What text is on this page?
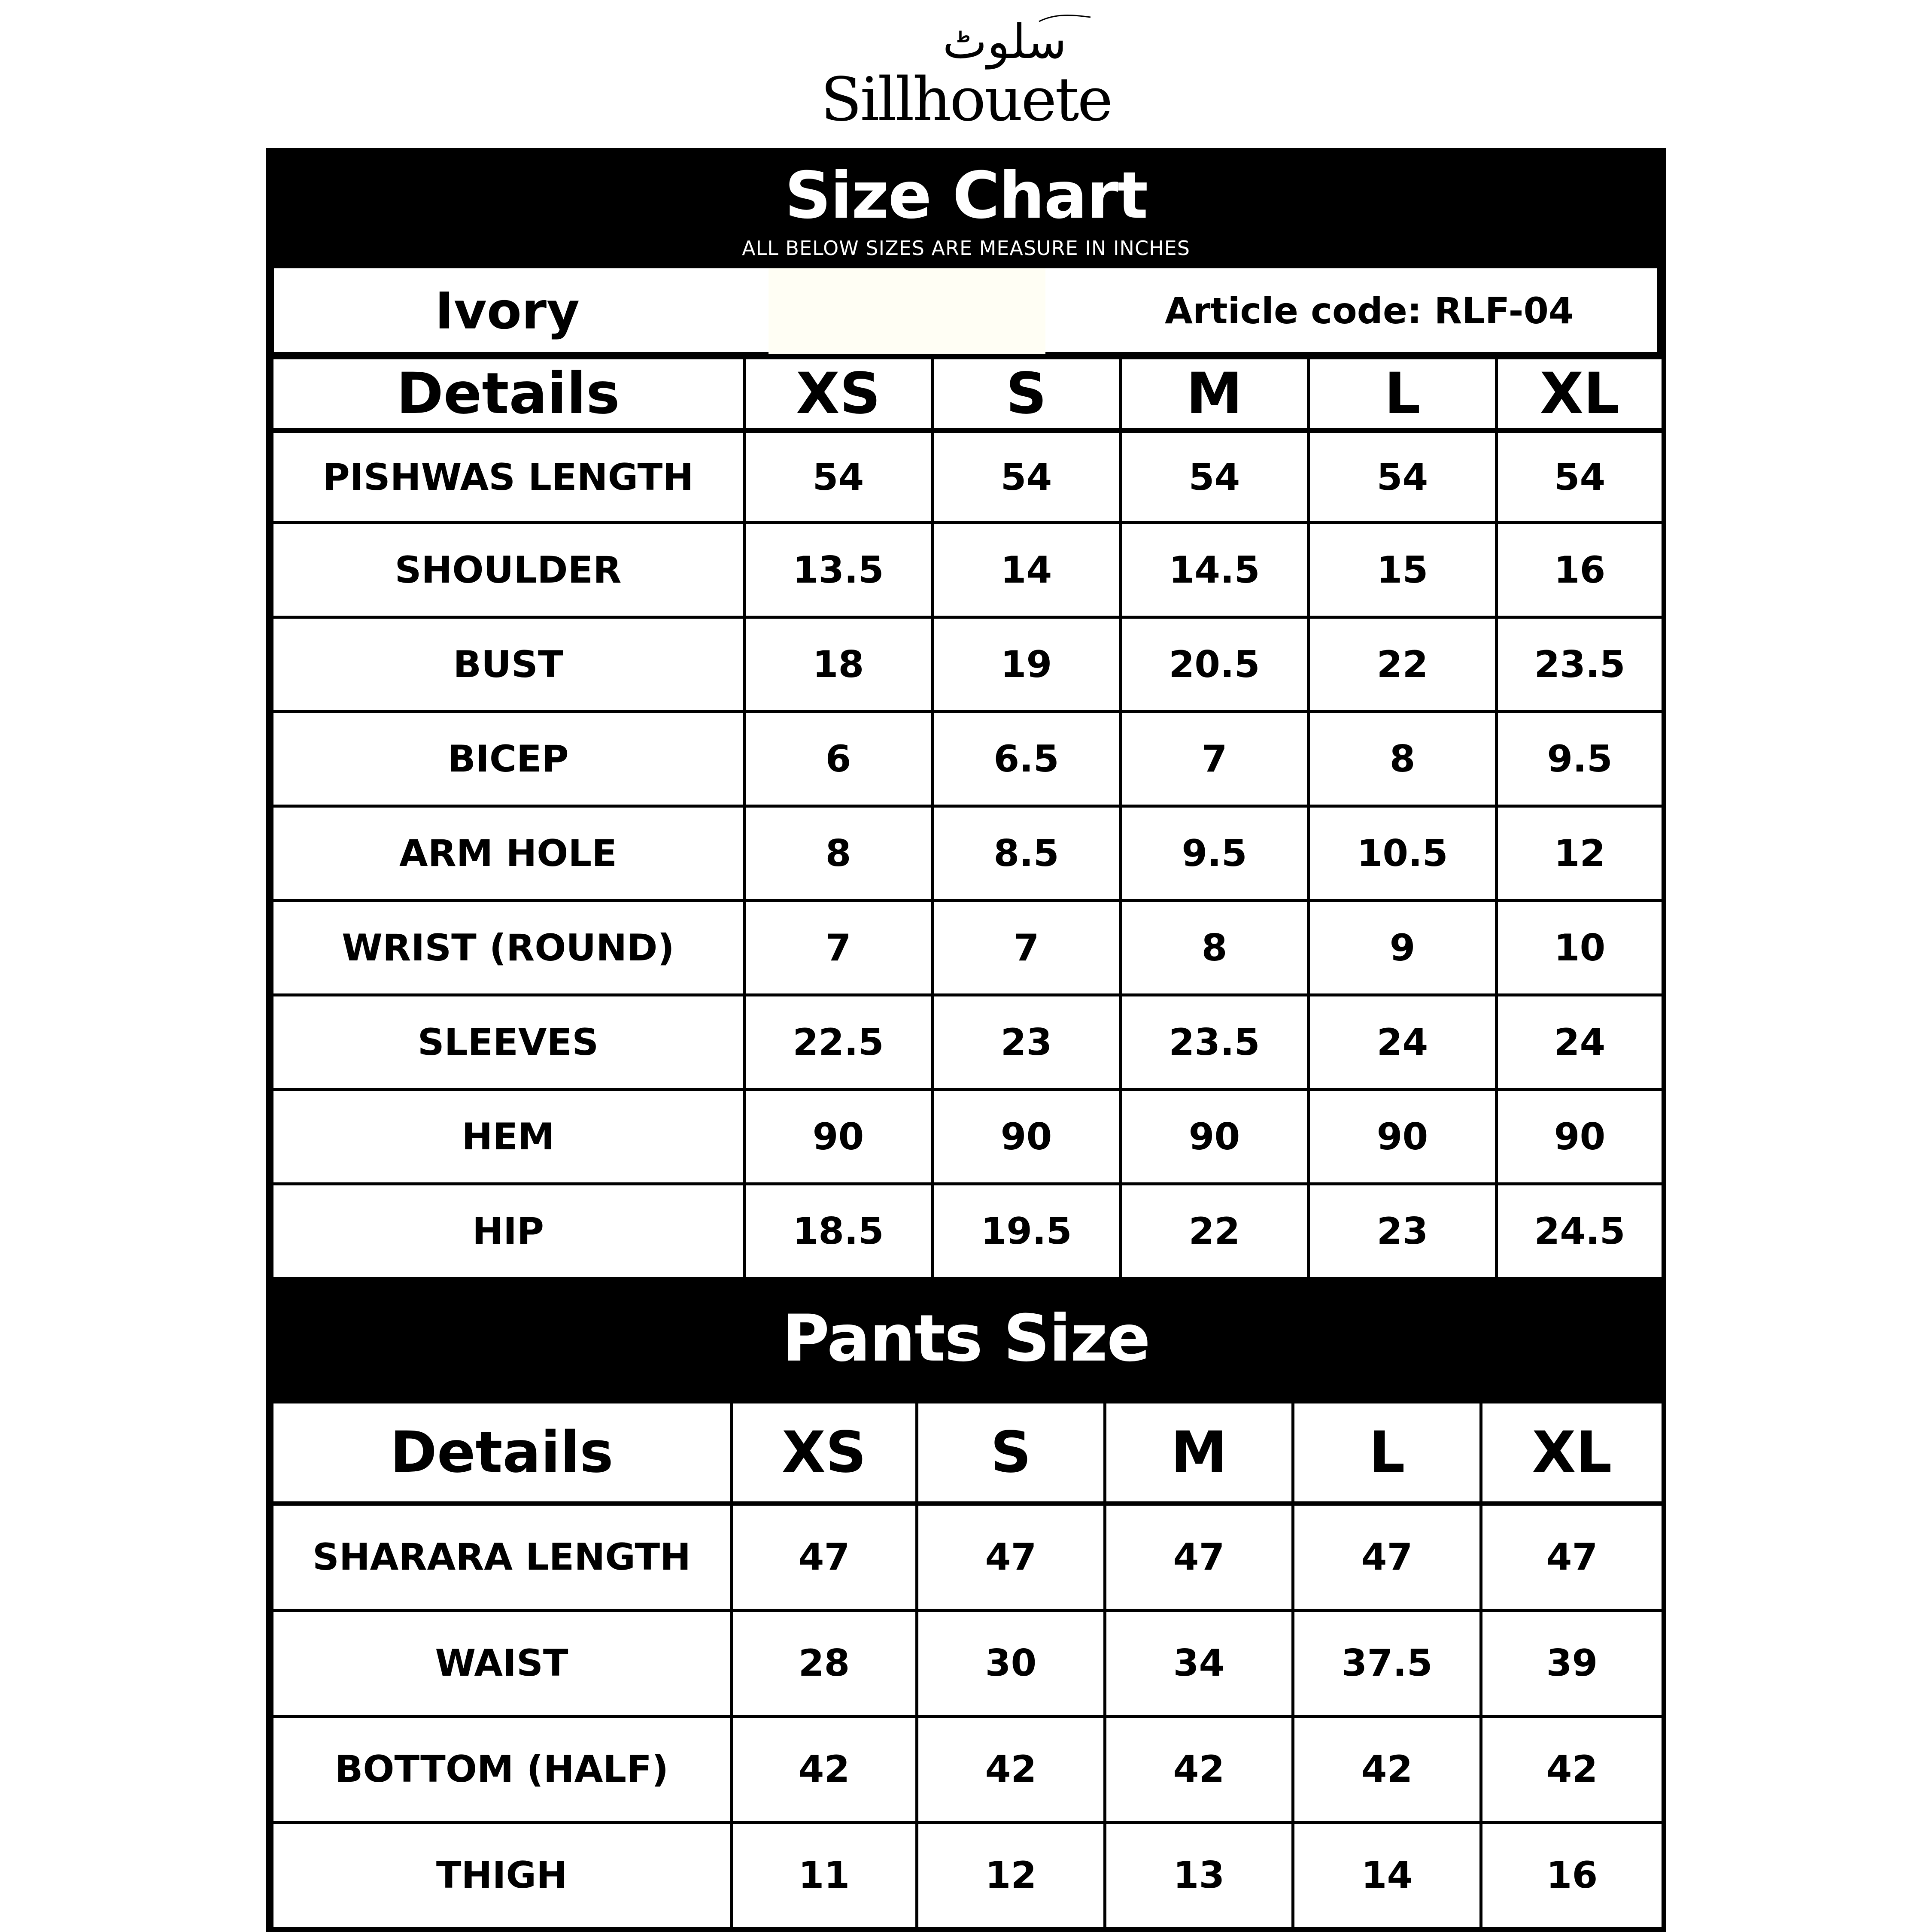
سلوٹ
Sillhouete
Size Chart
ALL BELOW SIZES ARE MEASURE IN INCHES
Ivory	Article code: RLF-04
Details	XS	S	M	L	XL
PISHWAS LENGTH	54	54	54	54	54
SHOULDER	13.5	14	14.5	15	16
BUST	18	19	20.5	22	23.5
BICEP	6	6.5	7	8	9.5
ARM HOLE	8	8.5	9.5	10.5	12
WRIST (ROUND)	7	7	8	9	10
SLEEVES	22.5	23	23.5	24	24
HEM	90	90	90	90	90
HIP	18.5	19.5	22	23	24.5
Pants Size
Details	XS	S	M	L	XL
SHARARA LENGTH	47	47	47	47	47
WAIST	28	30	34	37.5	39
BOTTOM (HALF)	42	42	42	42	42
THIGH	11	12	13	14	16
